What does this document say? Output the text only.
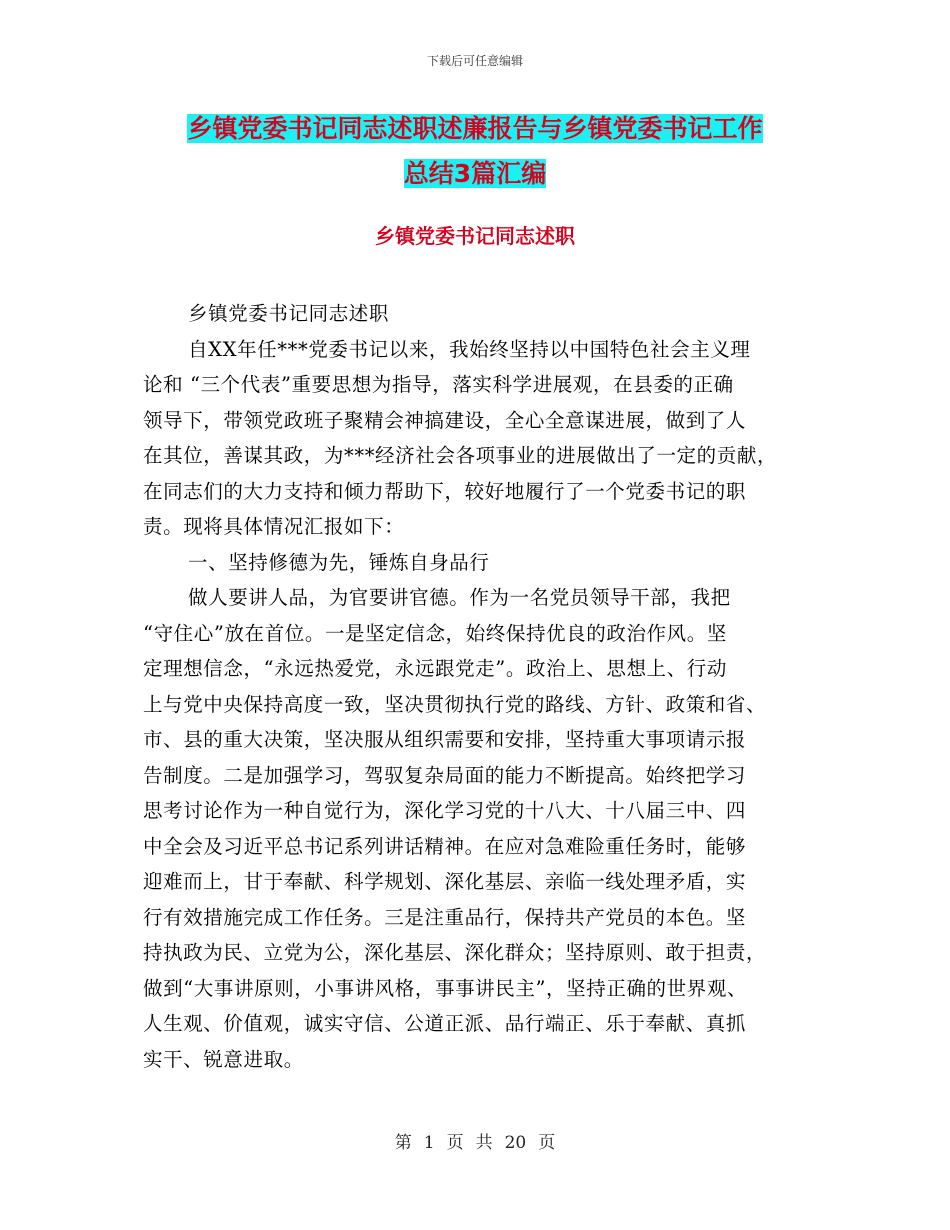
下载后可任意编辑
乡镇党委书记同志述职述廉报告与乡镇党委书记工作
总结3篇汇编
乡镇党委书记同志述职
乡镇党委书记同志述职
自XX年任***党委书记以来，我始终坚持以中国特色社会主义理
论和 “三个代表”重要思想为指导，落实科学进展观，在县委的正确
领导下，带领党政班子聚精会神搞建设，全心全意谋进展，做到了人
在其位，善谋其政，为***经济社会各项事业的进展做出了一定的贡献，
在同志们的大力支持和倾力帮助下，较好地履行了一个党委书记的职
责。现将具体情况汇报如下：
一、坚持修德为先，锤炼自身品行
做人要讲人品，为官要讲官德。作为一名党员领导干部，我把
“守住心”放在首位。一是坚定信念，始终保持优良的政治作风。坚
定理想信念，“永远热爱党，永远跟党走”。政治上、思想上、行动
上与党中央保持高度一致，坚决贯彻执行党的路线、方针、政策和省、
市、县的重大决策，坚决服从组织需要和安排，坚持重大事项请示报
告制度。二是加强学习，驾驭复杂局面的能力不断提高。始终把学习
思考讨论作为一种自觉行为，深化学习党的十八大、十八届三中、四
中全会及习近平总书记系列讲话精神。在应对急难险重任务时，能够
迎难而上，甘于奉献、科学规划、深化基层、亲临一线处理矛盾，实
行有效措施完成工作任务。三是注重品行，保持共产党员的本色。坚
持执政为民、立党为公，深化基层、深化群众；坚持原则、敢于担责，
做到“大事讲原则，小事讲风格，事事讲民主”，坚持正确的世界观、
人生观、价值观，诚实守信、公道正派、品行端正、乐于奉献、真抓
实干、锐意进取。
第 1 页 共 20 页
